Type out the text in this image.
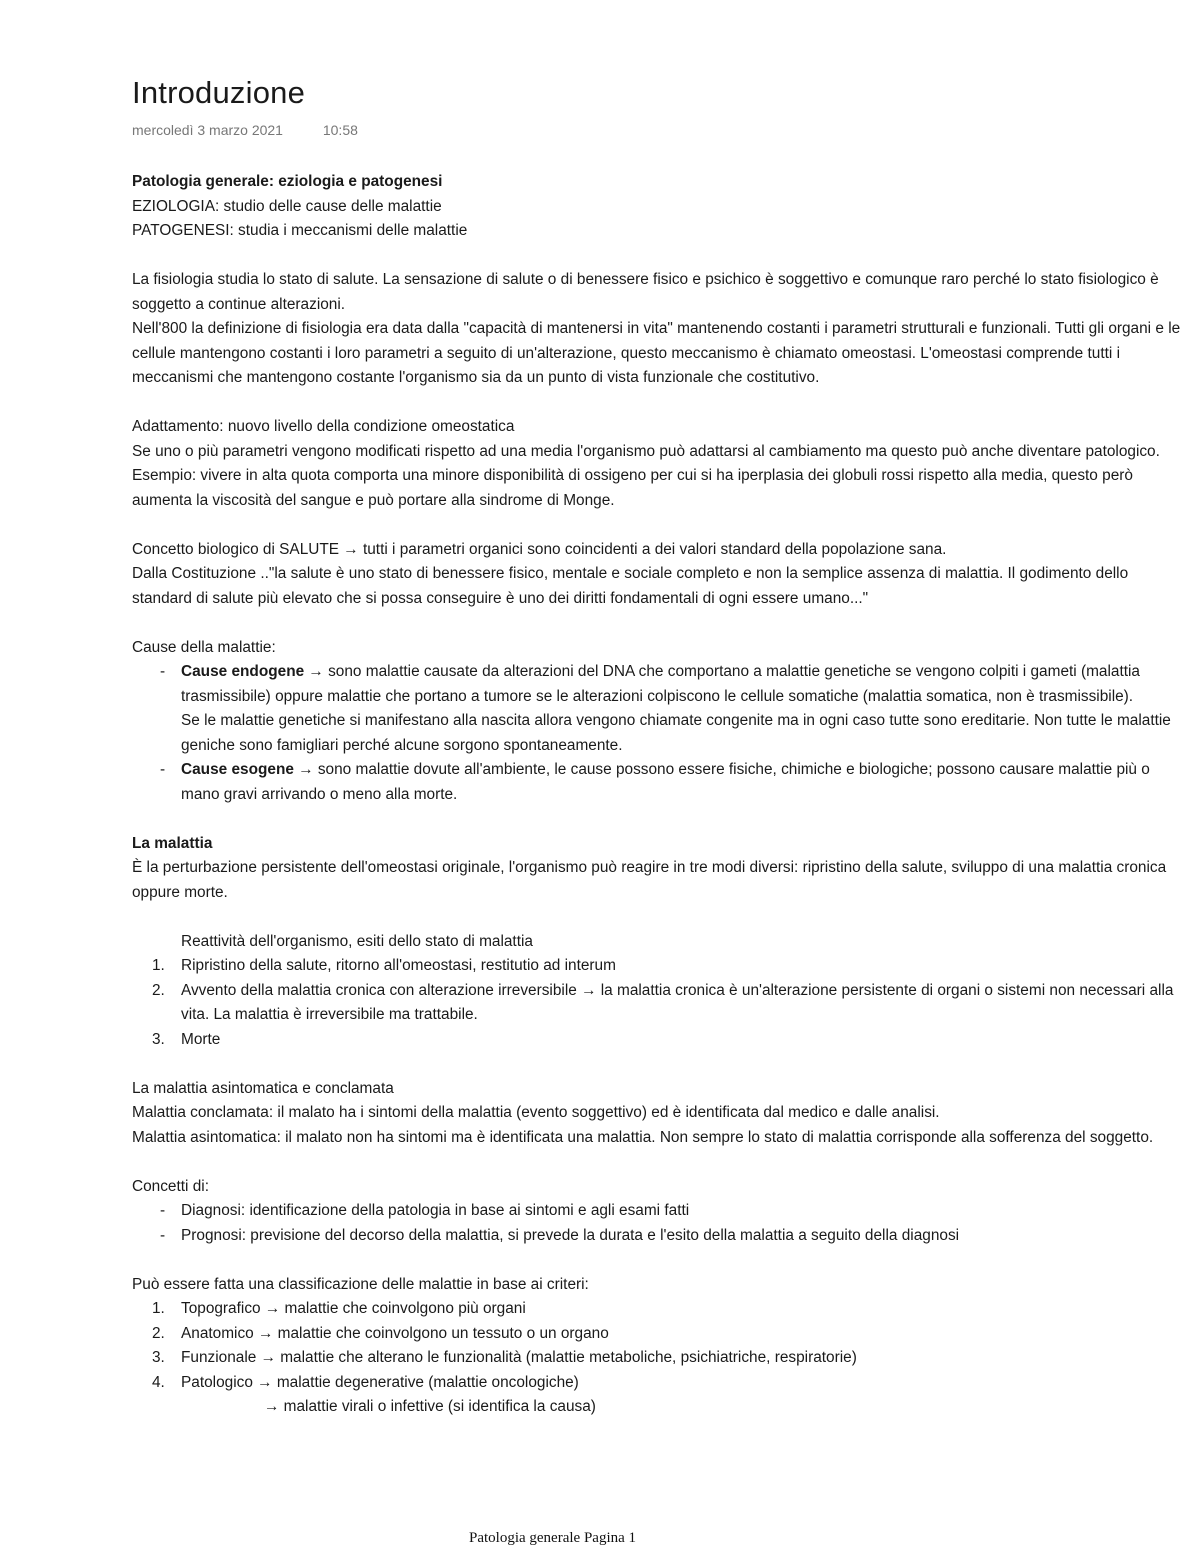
Introduzione
mercoledì 3 marzo 2021	10:58

Patologia generale: eziologia e patogenesi

EZIOLOGIA: studio delle cause delle malattie

PATOGENESI: studia i meccanismi delle malattie

La fisiologia studia lo stato di salute. La sensazione di salute o di benessere fisico e psichico è soggettivo e comunque raro perché lo stato fisiologico è soggetto a continue alterazioni.

Nell'800 la definizione di fisiologia era data dalla "capacità di mantenersi in vita" mantenendo costanti i parametri strutturali e funzionali. Tutti gli organi e le cellule mantengono costanti i loro parametri a seguito di un'alterazione, questo meccanismo è chiamato omeostasi. L'omeostasi comprende tutti i meccanismi che mantengono costante l'organismo sia da un punto di vista funzionale che costitutivo.

Adattamento: nuovo livello della condizione omeostatica

Se uno o più parametri vengono modificati rispetto ad una media l'organismo può adattarsi al cambiamento ma questo può anche diventare patologico. Esempio: vivere in alta quota comporta una minore disponibilità di ossigeno per cui si ha iperplasia dei globuli rossi rispetto alla media, questo però aumenta la viscosità del sangue e può portare alla sindrome di Monge.

Concetto biologico di SALUTE → tutti i parametri organici sono coincidenti a dei valori standard della popolazione sana.

Dalla Costituzione .."la salute è uno stato di benessere fisico, mentale e sociale completo e non la semplice assenza di malattia. Il godimento dello standard di salute più elevato che si possa conseguire è uno dei diritti fondamentali di ogni essere umano..."

Cause della malattie:

- Cause endogene → sono malattie causate da alterazioni del DNA che comportano a malattie genetiche se vengono colpiti i gameti (malattia trasmissibile) oppure malattie che portano a tumore se le alterazioni colpiscono le cellule somatiche (malattia somatica, non è trasmissibile).
Se le malattie genetiche si manifestano alla nascita allora vengono chiamate congenite ma in ogni caso tutte sono ereditarie. Non tutte le malattie geniche sono famigliari perché alcune sorgono spontaneamente.
- Cause esogene → sono malattie dovute all'ambiente, le cause possono essere fisiche, chimiche e biologiche; possono causare malattie più o mano gravi arrivando o meno alla morte.

La malattia

È la perturbazione persistente dell'omeostasi originale, l'organismo può reagire in tre modi diversi: ripristino della salute, sviluppo di una malattia cronica oppure morte.

Reattività dell'organismo, esiti dello stato di malattia

1. Ripristino della salute, ritorno all'omeostasi, restitutio ad interum
2. Avvento della malattia cronica con alterazione irreversibile → la malattia cronica è un'alterazione persistente di organi o sistemi non necessari alla vita. La malattia è irreversibile ma trattabile.
3. Morte

La malattia asintomatica e conclamata

Malattia conclamata: il malato ha i sintomi della malattia (evento soggettivo) ed è identificata dal medico e dalle analisi.

Malattia asintomatica: il malato non ha sintomi ma è identificata una malattia. Non sempre lo stato di malattia corrisponde alla sofferenza del soggetto.

Concetti di:

- Diagnosi: identificazione della patologia in base ai sintomi e agli esami fatti
- Prognosi: previsione del decorso della malattia, si prevede la durata e l'esito della malattia a seguito della diagnosi

Può essere fatta una classificazione delle malattie in base ai criteri:

1. Topografico → malattie che coinvolgono più organi
2. Anatomico → malattie che coinvolgono un tessuto o un organo
3. Funzionale → malattie che alterano le funzionalità (malattie metaboliche, psichiatriche, respiratorie)
4. Patologico → malattie degenerative (malattie oncologiche)

→ malattie virali o infettive (si identifica la causa)

Patologia generale Pagina 1
